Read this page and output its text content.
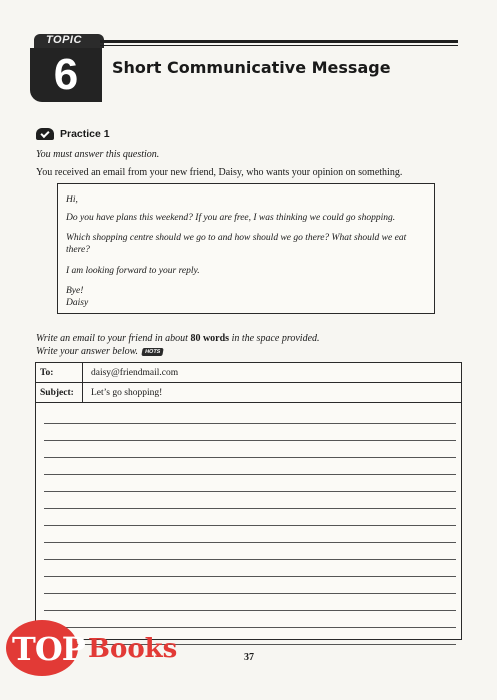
TOPIC
6	Short Communicative Message
Practice 1
You must answer this question.
You received an email from your new friend, Daisy, who wants your opinion on something.

Hi,

Do you have plans this weekend? If you are free, I was thinking we could go shopping.

Which shopping centre should we go to and how should we go there? What should we eat there?

I am looking forward to your reply.

Bye!

Daisy

Write an email to your friend in about 80 words in the space provided.
Write your answer below.	HOTS
To:	daisy@friendmail.com
Subject:	Let’s go shopping!
TOP Books	37
